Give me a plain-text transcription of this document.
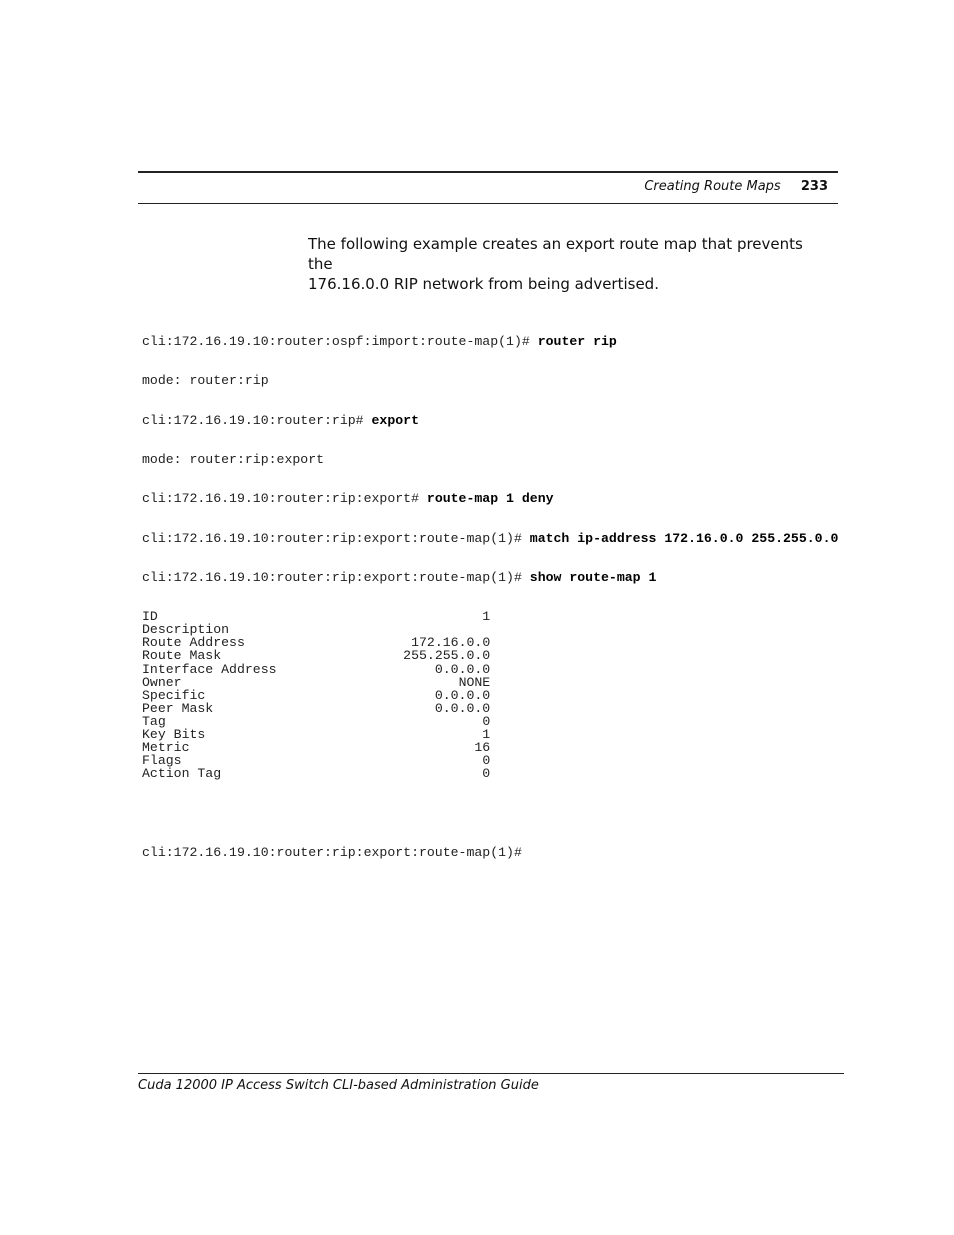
Creating Route Maps 233
The following example creates an export route map that prevents the
176.16.0.0 RIP network from being advertised.

cli:172.16.19.10:router:ospf:import:route-map(1)# router rip

mode: router:rip

cli:172.16.19.10:router:rip# export

mode: router:rip:export

cli:172.16.19.10:router:rip:export# route-map 1 deny

cli:172.16.19.10:router:rip:export:route-map(1)# match ip-address 172.16.0.0 255.255.0.0

cli:172.16.19.10:router:rip:export:route-map(1)# show route-map 1

ID	1
Description
Route Address	172.16.0.0
Route Mask	255.255.0.0
Interface Address	0.0.0.0
Owner	NONE
Specific	0.0.0.0
Peer Mask	0.0.0.0
Tag	0
Key Bits	1
Metric	16
Flags	0
Action Tag	0

cli:172.16.19.10:router:rip:export:route-map(1)#

Cuda 12000 IP Access Switch CLI-based Administration Guide
